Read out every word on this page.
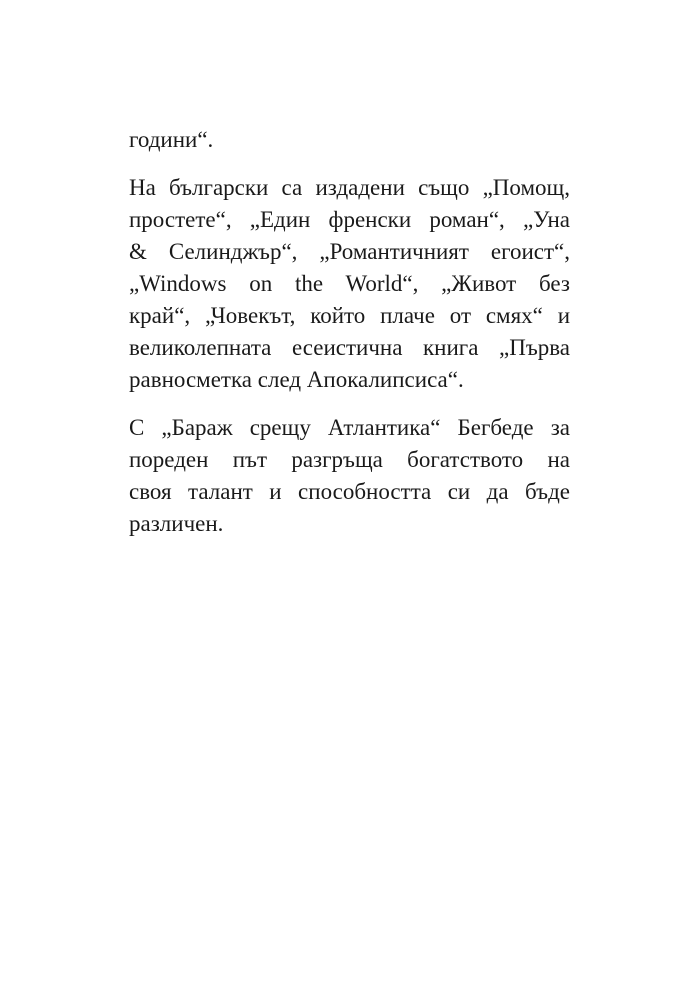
години“.

На български са издадени също „Помощ,
простете“, „Един френски роман“, „Уна
& Селинджър“, „Романтичният егоист“,
„Windows on the World“, „Живот без
край“, „Човекът, който плаче от смях“ и
великолепната есеистична книга „Първа
равносметка след Апокалипсиса“.

С „Бараж срещу Атлантика“ Бегбеде за
пореден път разгръща богатството на
своя талант и способността си да бъде
различен.
